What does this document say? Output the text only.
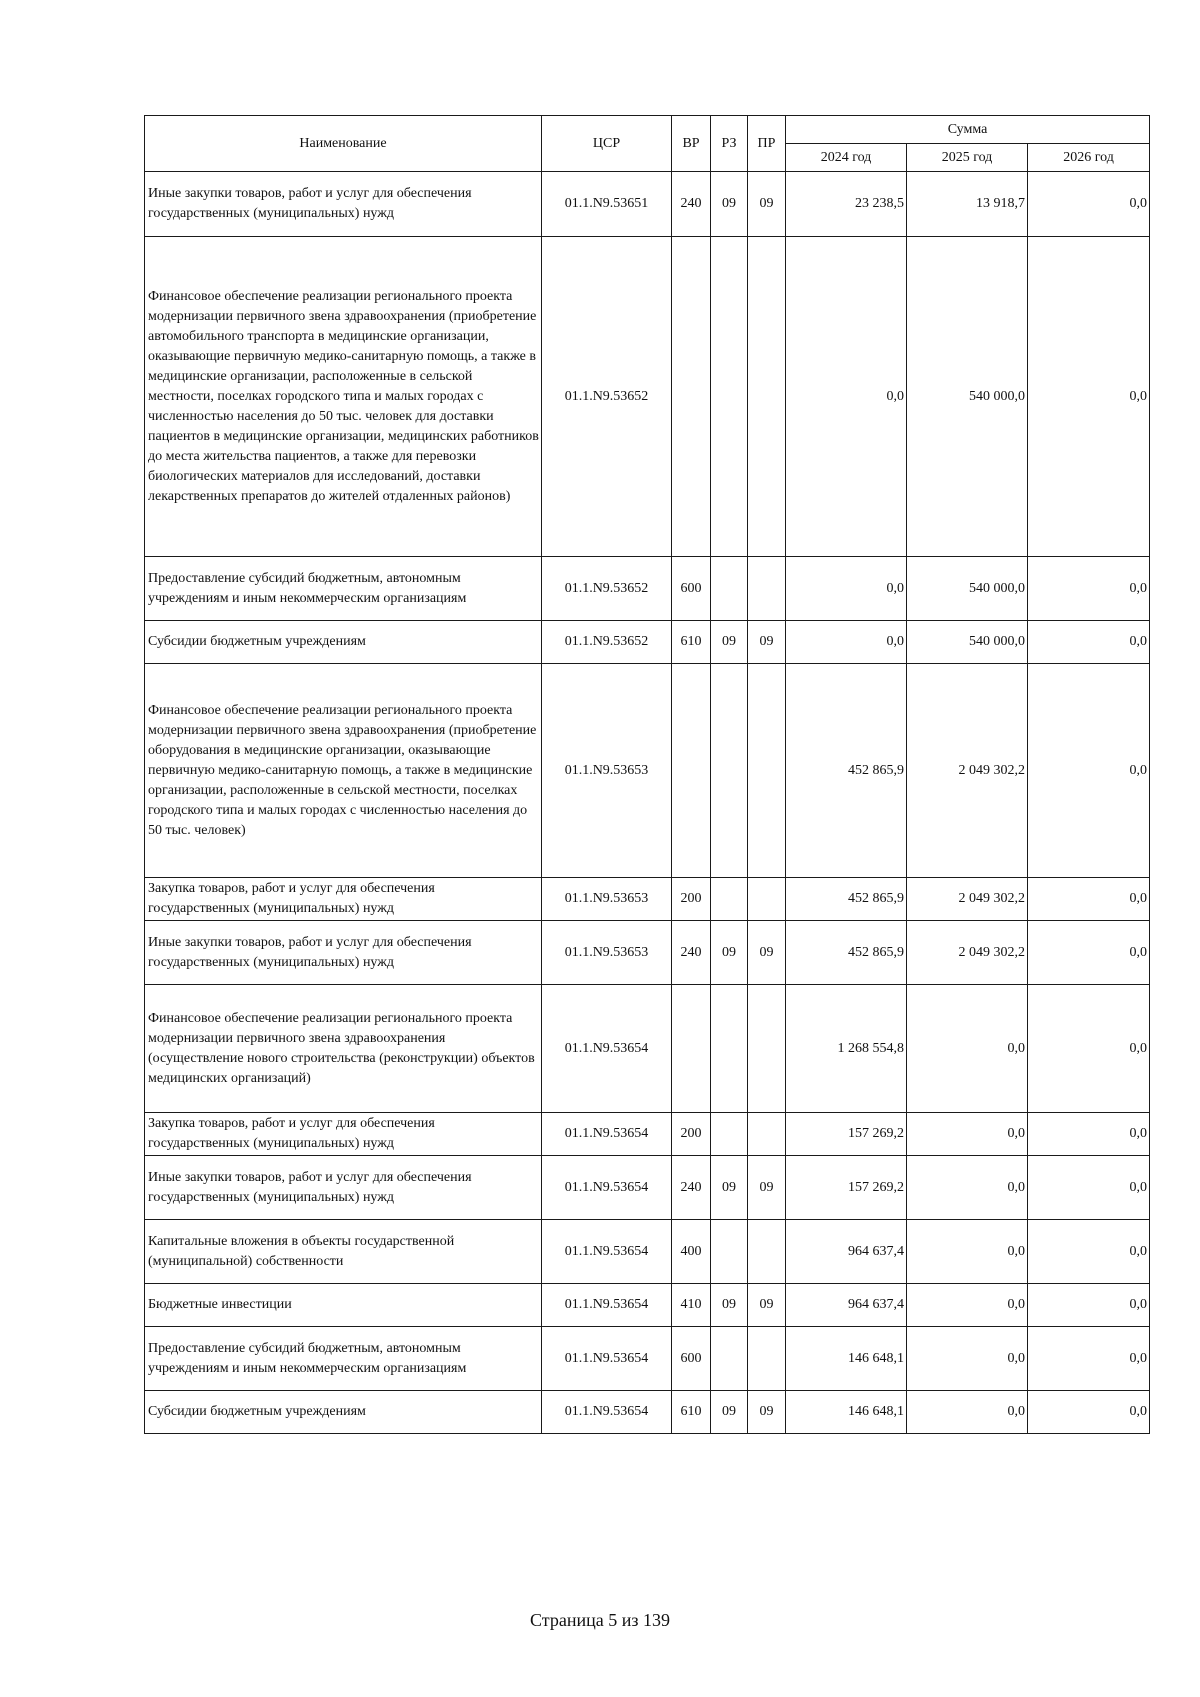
Наименование	ЦСР	ВР	РЗ	ПР	Сумма		
					2024 год	2025 год	2026 год
Иные закупки товаров, работ и услуг для обеспечения государственных (муниципальных) нужд	01.1.N9.53651	240	09	09	23 238,5	13 918,7	0,0
Финансовое обеспечение реализации регионального проекта модернизации первичного звена здравоохранения (приобретение автомобильного транспорта в медицинские организации, оказывающие первичную медико-санитарную помощь, а также в медицинские организации, расположенные в сельской местности, поселках городского типа и малых городах с численностью населения до 50 тыс. человек для доставки пациентов в медицинские организации, медицинских работников до места жительства пациентов, а также для перевозки биологических материалов для исследований, доставки лекарственных препаратов до жителей отдаленных районов)	01.1.N9.53652				0,0	540 000,0	0,0
Предоставление субсидий бюджетным, автономным учреждениям и иным некоммерческим организациям	01.1.N9.53652	600			0,0	540 000,0	0,0
Субсидии бюджетным учреждениям	01.1.N9.53652	610	09	09	0,0	540 000,0	0,0
Финансовое обеспечение реализации регионального проекта модернизации первичного звена здравоохранения (приобретение оборудования в медицинские организации, оказывающие первичную медико-санитарную помощь, а также в медицинские организации, расположенные в сельской местности, поселках городского типа и малых городах с численностью населения до 50 тыс. человек)	01.1.N9.53653				452 865,9	2 049 302,2	0,0
Закупка товаров, работ и услуг для обеспечения государственных (муниципальных) нужд	01.1.N9.53653	200			452 865,9	2 049 302,2	0,0
Иные закупки товаров, работ и услуг для обеспечения государственных (муниципальных) нужд	01.1.N9.53653	240	09	09	452 865,9	2 049 302,2	0,0
Финансовое обеспечение реализации регионального проекта модернизации первичного звена здравоохранения (осуществление нового строительства (реконструкции) объектов медицинских организаций)	01.1.N9.53654				1 268 554,8	0,0	0,0
Закупка товаров, работ и услуг для обеспечения государственных (муниципальных) нужд	01.1.N9.53654	200			157 269,2	0,0	0,0
Иные закупки товаров, работ и услуг для обеспечения государственных (муниципальных) нужд	01.1.N9.53654	240	09	09	157 269,2	0,0	0,0
Капитальные вложения в объекты государственной (муниципальной) собственности	01.1.N9.53654	400			964 637,4	0,0	0,0
Бюджетные инвестиции	01.1.N9.53654	410	09	09	964 637,4	0,0	0,0
Предоставление субсидий бюджетным, автономным учреждениям и иным некоммерческим организациям	01.1.N9.53654	600			146 648,1	0,0	0,0
Субсидии бюджетным учреждениям	01.1.N9.53654	610	09	09	146 648,1	0,0	0,0
Страница 5 из 139
